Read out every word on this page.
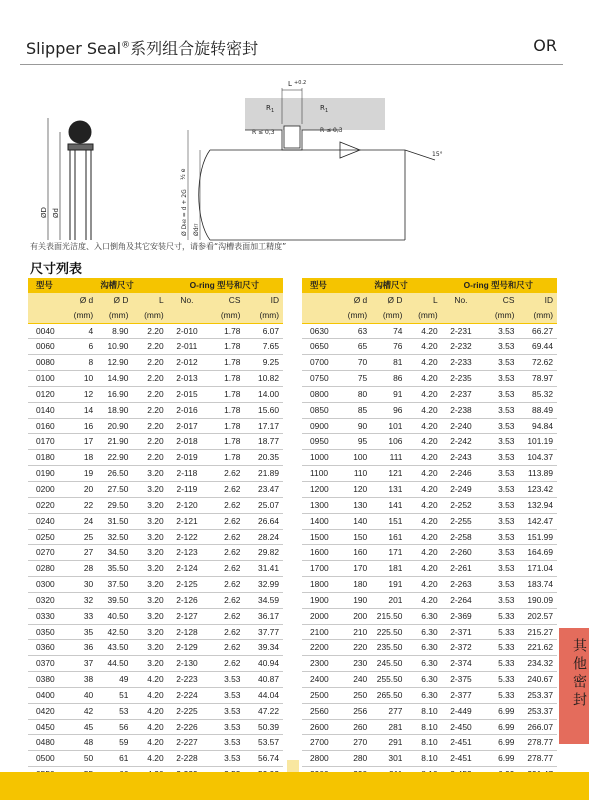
Slipper Seal®系列组合旋转密封	OR
ØD Ød
L +0.2
R 1	R 1
R ≤ 0,3	R ≤ 0,3
½ e
15°
Ø DH8 = d + 2G
Ødf7
有关表面光洁度、入口倒角及其它安装尺寸，请参看“沟槽表面加工精度”
尺寸列表
型号	沟槽尺寸			O-ring 型号和尺寸		
	Ø d	Ø D	L	No.	CS	ID
	(mm)	(mm)	(mm)		(mm)	(mm)
0040	4	8.90	2.20	2-010	1.78	6.07
0060	6	10.90	2.20	2-011	1.78	7.65
0080	8	12.90	2.20	2-012	1.78	9.25
0100	10	14.90	2.20	2-013	1.78	10.82
0120	12	16.90	2.20	2-015	1.78	14.00
0140	14	18.90	2.20	2-016	1.78	15.60
0160	16	20.90	2.20	2-017	1.78	17.17
0170	17	21.90	2.20	2-018	1.78	18.77
0180	18	22.90	2.20	2-019	1.78	20.35
0190	19	26.50	3.20	2-118	2.62	21.89
0200	20	27.50	3.20	2-119	2.62	23.47
0220	22	29.50	3.20	2-120	2.62	25.07
0240	24	31.50	3.20	2-121	2.62	26.64
0250	25	32.50	3.20	2-122	2.62	28.24
0270	27	34.50	3.20	2-123	2.62	29.82
0280	28	35.50	3.20	2-124	2.62	31.41
0300	30	37.50	3.20	2-125	2.62	32.99
0320	32	39.50	3.20	2-126	2.62	34.59
0330	33	40.50	3.20	2-127	2.62	36.17
0350	35	42.50	3.20	2-128	2.62	37.77
0360	36	43.50	3.20	2-129	2.62	39.34
0370	37	44.50	3.20	2-130	2.62	40.94
0380	38	49	4.20	2-223	3.53	40.87
0400	40	51	4.20	2-224	3.53	44.04
0420	42	53	4.20	2-225	3.53	47.22
0450	45	56	4.20	2-226	3.53	50.39
0480	48	59	4.20	2-227	3.53	53.57
0500	50	61	4.20	2-228	3.53	56.74

型号	沟槽尺寸			O-ring 型号和尺寸		
	Ø d	Ø D	L	No.	CS	ID
	(mm)	(mm)	(mm)		(mm)	(mm)
0630	63	74	4.20	2-231	3.53	66.27
0650	65	76	4.20	2-232	3.53	69.44
0700	70	81	4.20	2-233	3.53	72.62
0750	75	86	4.20	2-235	3.53	78.97
0800	80	91	4.20	2-237	3.53	85.32
0850	85	96	4.20	2-238	3.53	88.49
0900	90	101	4.20	2-240	3.53	94.84
0950	95	106	4.20	2-242	3.53	101.19
1000	100	111	4.20	2-243	3.53	104.37
1100	110	121	4.20	2-246	3.53	113.89
1200	120	131	4.20	2-249	3.53	123.42
1300	130	141	4.20	2-252	3.53	132.94
1400	140	151	4.20	2-255	3.53	142.47
1500	150	161	4.20	2-258	3.53	151.99
1600	160	171	4.20	2-260	3.53	164.69
1700	170	181	4.20	2-261	3.53	171.04
1800	180	191	4.20	2-263	3.53	183.74
1900	190	201	4.20	2-264	3.53	190.09
2000	200	215.50	6.30	2-369	5.33	202.57
2100	210	225.50	6.30	2-371	5.33	215.27
2200	220	235.50	6.30	2-372	5.33	221.62
2300	230	245.50	6.30	2-374	5.33	234.32
2400	240	255.50	6.30	2-375	5.33	240.67
2500	250	265.50	6.30	2-377	5.33	253.37
2560	256	277	8.10	2-449	6.99	253.37
2600	260	281	8.10	2-450	6.99	266.07
2700	270	291	8.10	2-451	6.99	278.77
2800	280	301	8.10	2-451	6.99	278.77

其他密封
